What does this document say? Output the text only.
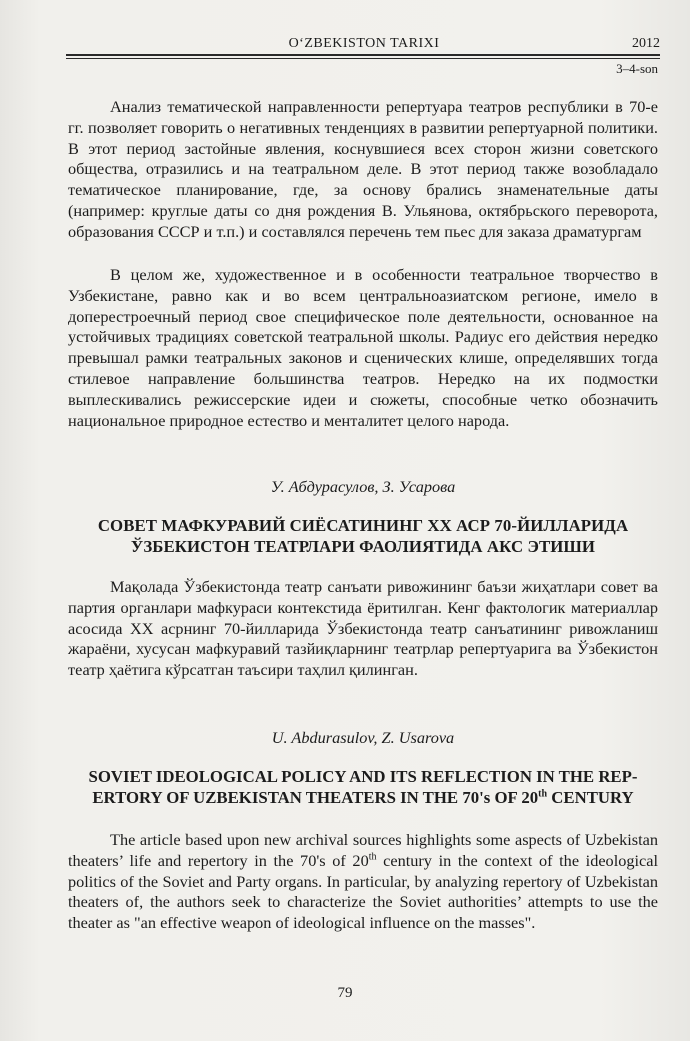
O‘ZBEKISTON TARIXI	2012
3–4-son

Анализ тематической направленности репертуара театров республики в 70-е гг. позволяет говорить о негативных тенденциях в развитии репертуарной политики. В этот период застойные явления, коснувшиеся всех сторон жизни советского общества, отразились и на театральном деле. В этот период также возобладало тематическое планирование, где, за основу брались знаменательные даты (например: круглые даты со дня рождения В. Ульянова, октябрьского переворота, образования СССР и т.п.) и составлялся перечень тем пьес для заказа драматургам

В целом же, художественное и в особенности театральное творчество в Узбекистане, равно как и во всем центральноазиатском регионе, имело в доперестроечный период свое специфическое поле деятельности, основанное на устойчивых традициях советской театральной школы. Радиус его действия нередко превышал рамки театральных законов и сценических клише, определявших тогда стилевое направление большинства театров. Нередко на их подмостки выплескивались режиссерские идеи и сюжеты, способные четко обозначить национальное природное естество и менталитет целого народа.

У. Абдурасулов, З. Усарова
СОВЕТ МАФКУРАВИЙ СИЁСАТИНИНГ ХХ АСР 70-ЙИЛЛАРИДА
ЎЗБЕКИСТОН ТЕАТРЛАРИ ФАОЛИЯТИДА АКС ЭТИШИ

Мақолада Ўзбекистонда театр санъати ривожининг баъзи жиҳатлари совет ва партия органлари мафкураси контекстида ёритилган. Кенг фактологик материаллар асосида ХХ асрнинг 70-йилларида Ўзбекистонда театр санъатининг ривожланиш жараёни, хусусан мафкуравий тазйиқларнинг театрлар репертуарига ва Ўзбекистон театр ҳаётига кўрсатган таъсири таҳлил қилинган.

U. Abdurasulov, Z. Usarova
SOVIET IDEOLOGICAL POLICY AND ITS REFLECTION IN THE REP-
ERTORY OF UZBEKISTAN THEATERS IN THE 70's OF 20th CENTURY

The article based upon new archival sources highlights some aspects of Uzbekistan theaters’ life and repertory in the 70's of 20th century in the context of the ideological politics of the Soviet and Party organs. In particular, by analyzing repertory of Uzbekistan theaters of, the authors seek to characterize the Soviet authorities’ attempts to use the theater as "an effective weapon of ideological influence on the masses".

79
